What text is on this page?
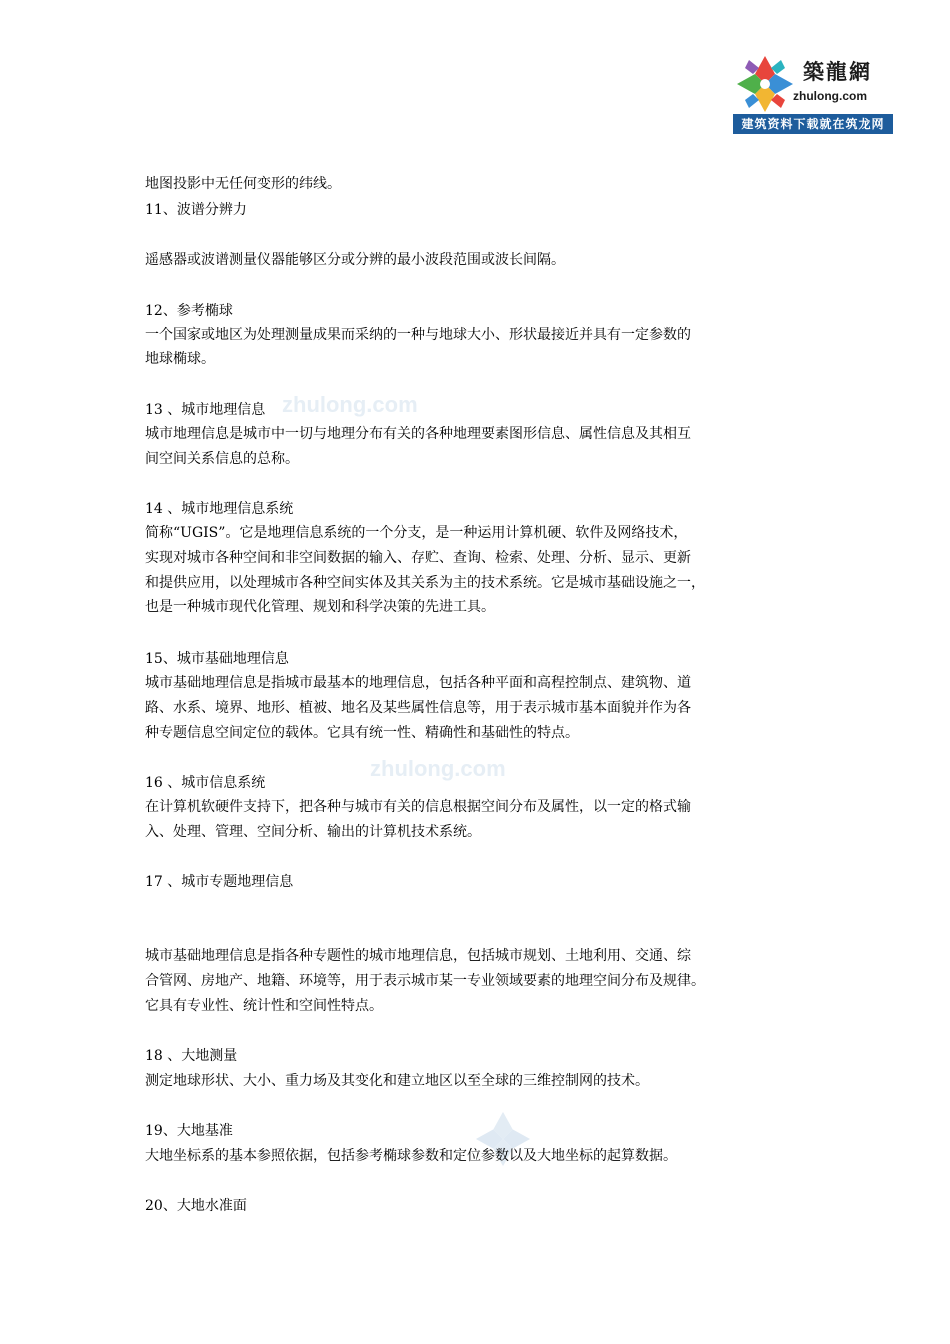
築龍網
zhulong.com
建筑资料下载就在筑龙网
zhulong.com
zhulong.com
地图投影中无任何变形的纬线。
11、波谱分辨力
遥感器或波谱测量仪器能够区分或分辨的最小波段范围或波长间隔。
12、参考椭球
一个国家或地区为处理测量成果而采纳的一种与地球大小、形状最接近并具有一定参数的
地球椭球。
13 、城市地理信息
城市地理信息是城市中一切与地理分布有关的各种地理要素图形信息、属性信息及其相互
间空间关系信息的总称。
14 、城市地理信息系统
简称“UGIS”。它是地理信息系统的一个分支，是一种运用计算机硬、软件及网络技术，
实现对城市各种空间和非空间数据的输入、存贮、查询、检索、处理、分析、显示、更新
和提供应用，以处理城市各种空间实体及其关系为主的技术系统。它是城市基础设施之一，
也是一种城市现代化管理、规划和科学决策的先进工具。
15、城市基础地理信息
城市基础地理信息是指城市最基本的地理信息，包括各种平面和高程控制点、建筑物、道
路、水系、境界、地形、植被、地名及某些属性信息等，用于表示城市基本面貌并作为各
种专题信息空间定位的载体。它具有统一性、精确性和基础性的特点。
16 、城市信息系统
在计算机软硬件支持下，把各种与城市有关的信息根据空间分布及属性，以一定的格式输
入、处理、管理、空间分析、输出的计算机技术系统。
17 、城市专题地理信息
城市基础地理信息是指各种专题性的城市地理信息，包括城市规划、土地利用、交通、综
合管网、房地产、地籍、环境等，用于表示城市某一专业领域要素的地理空间分布及规律。
它具有专业性、统计性和空间性特点。
18 、大地测量
测定地球形状、大小、重力场及其变化和建立地区以至全球的三维控制网的技术。
19、大地基准
大地坐标系的基本参照依据，包括参考椭球参数和定位参数以及大地坐标的起算数据。
20、大地水准面
